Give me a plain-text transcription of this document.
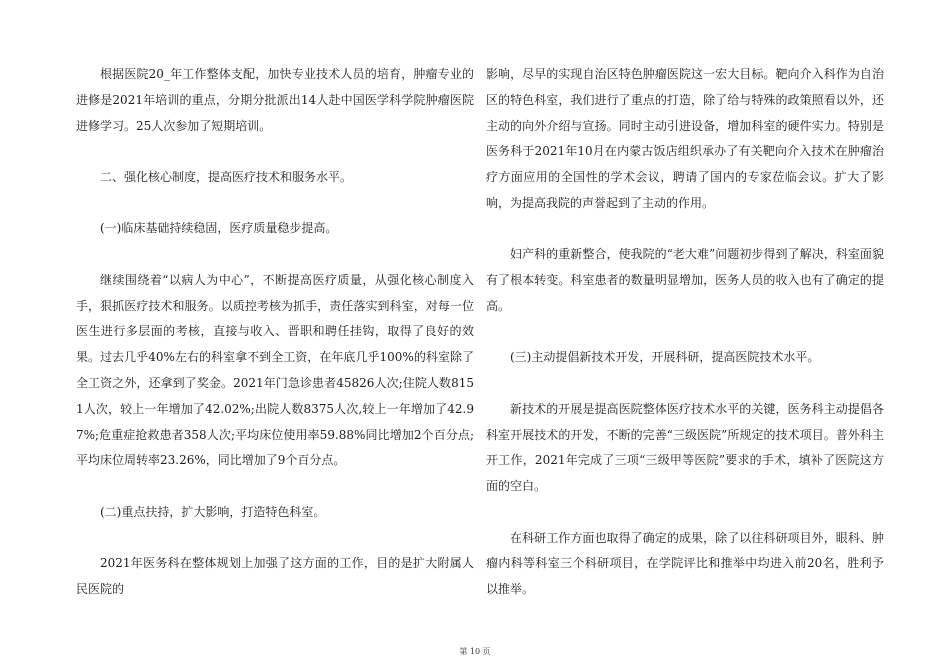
根据医院20_年工作整体支配，加快专业技术人员的培育，肿瘤专业的进修是2021年培训的重点，分期分批派出14人赴中国医学科学院肿瘤医院进修学习。25人次参加了短期培训。

二、强化核心制度，提高医疗技术和服务水平。

(一)临床基础持续稳固，医疗质量稳步提高。

继续围绕着“以病人为中心”，不断提高医疗质量，从强化核心制度入手，狠抓医疗技术和服务。以质控考核为抓手，责任落实到科室，对每一位医生进行多层面的考核，直接与收入、晋职和聘任挂钩，取得了良好的效果。过去几乎40%左右的科室拿不到全工资，在年底几乎100%的科室除了全工资之外，还拿到了奖金。2021年门急诊患者45826人次;住院人数8151人次，较上一年增加了42.02%;出院人数8375人次,较上一年增加了42.97%;危重症抢救患者358人次;平均床位使用率59.88%同比增加2个百分点;平均床位周转率23.26%，同比增加了9个百分点。

(二)重点扶持，扩大影响，打造特色科室。

2021年医务科在整体规划上加强了这方面的工作，目的是扩大附属人民医院的

影响，尽早的实现自治区特色肿瘤医院这一宏大目标。靶向介入科作为自治区的特色科室，我们进行了重点的打造，除了给与特殊的政策照看以外，还主动的向外介绍与宣扬。同时主动引进设备，增加科室的硬件实力。特别是医务科于2021年10月在内蒙古饭店组织承办了有关靶向介入技术在肿瘤治疗方面应用的全国性的学术会议，聘请了国内的专家莅临会议。扩大了影响，为提高我院的声誉起到了主动的作用。

妇产科的重新整合，使我院的“老大难”问题初步得到了解决，科室面貌有了根本转变。科室患者的数量明显增加，医务人员的收入也有了确定的提高。

(三)主动提倡新技术开发，开展科研，提高医院技术水平。

新技术的开展是提高医院整体医疗技术水平的关键，医务科主动提倡各科室开展技术的开发，不断的完善“三级医院”所规定的技术项目。普外科主开工作，2021年完成了三项“三级甲等医院”要求的手术，填补了医院这方面的空白。

在科研工作方面也取得了确定的成果，除了以往科研项目外，眼科、肿瘤内科等科室三个科研项目，在学院评比和推举中均进入前20名，胜利予以推举。

第 10 页
